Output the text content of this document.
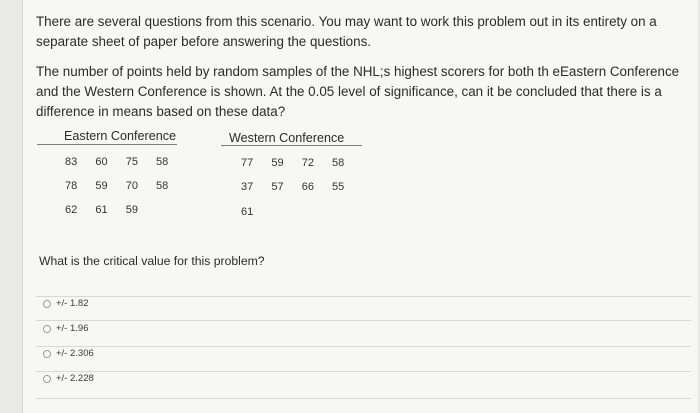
There are several questions from this scenario. You may want to work this problem out in its entirety on a separate sheet of paper before answering the questions.
The number of points held by random samples of the NHL;s highest scorers for both th eEastern Conference and the Western Conference is shown. At the 0.05 level of significance, can it be concluded that there is a difference in means based on these data?
Eastern Conference	Western Conference
83  60  75  58
78  59  70  58
62  61  59
77  59  72  58
37  57  66  55
61
What is the critical value for this problem?
+/- 1.82
+/- 1.96
+/- 2.306
+/- 2.228
